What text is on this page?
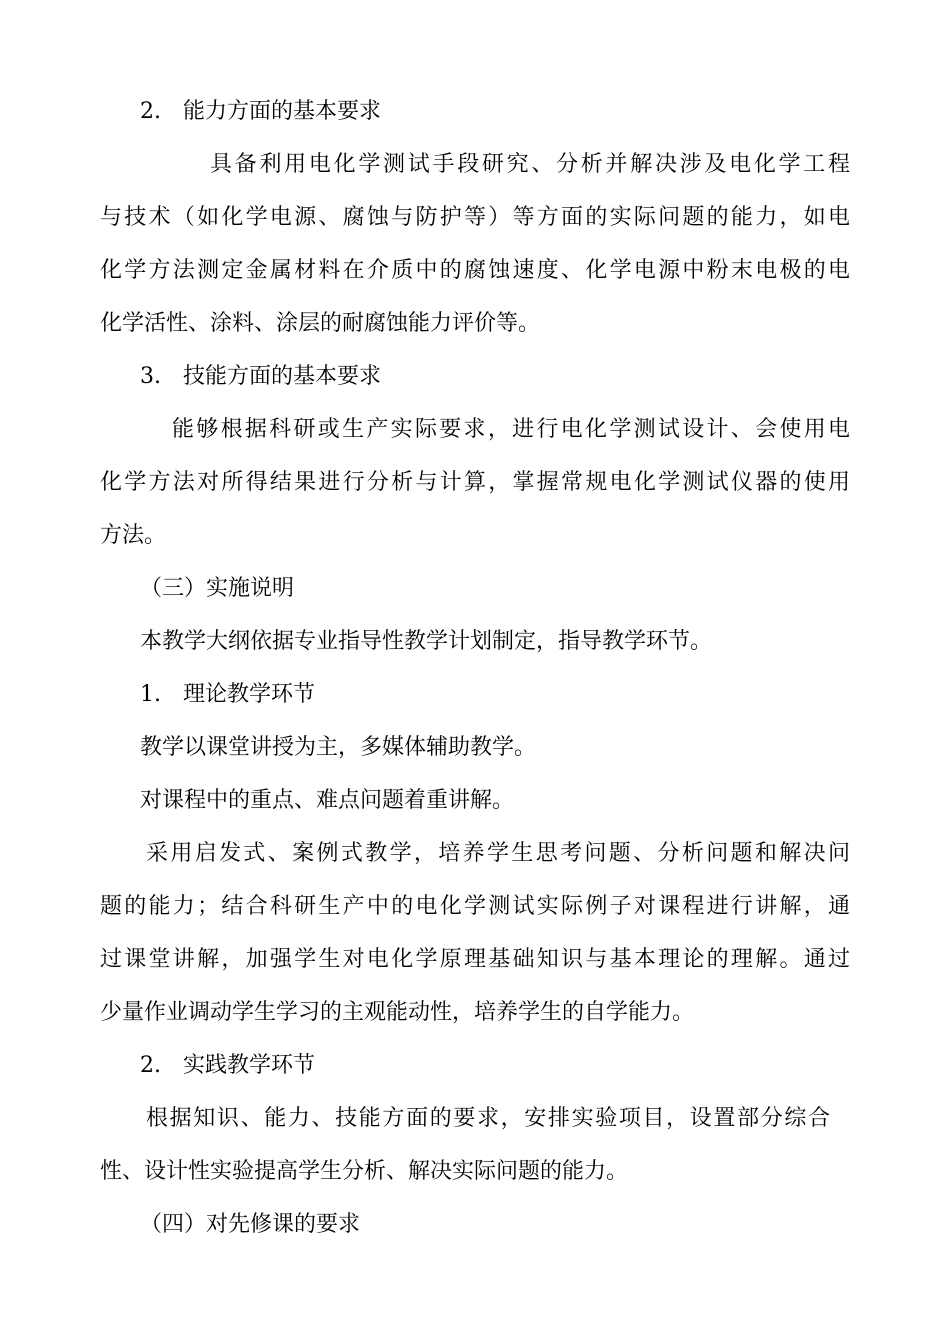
2.　能力方面的基本要求

具备利用电化学测试手段研究、分析并解决涉及电化学工程

与技术（如化学电源、腐蚀与防护等）等方面的实际问题的能力，如电

化学方法测定金属材料在介质中的腐蚀速度、化学电源中粉末电极的电

化学活性、涂料、涂层的耐腐蚀能力评价等。

3.　技能方面的基本要求

能够根据科研或生产实际要求，进行电化学测试设计、会使用电

化学方法对所得结果进行分析与计算，掌握常规电化学测试仪器的使用

方法。

（三）实施说明

本教学大纲依据专业指导性教学计划制定，指导教学环节。

1.　理论教学环节

教学以课堂讲授为主，多媒体辅助教学。

对课程中的重点、难点问题着重讲解。

采用启发式、案例式教学，培养学生思考问题、分析问题和解决问

题的能力；结合科研生产中的电化学测试实际例子对课程进行讲解，通

过课堂讲解，加强学生对电化学原理基础知识与基本理论的理解。通过

少量作业调动学生学习的主观能动性，培养学生的自学能力。

2.　实践教学环节

根据知识、能力、技能方面的要求，安排实验项目，设置部分综合

性、设计性实验提高学生分析、解决实际问题的能力。

（四）对先修课的要求
